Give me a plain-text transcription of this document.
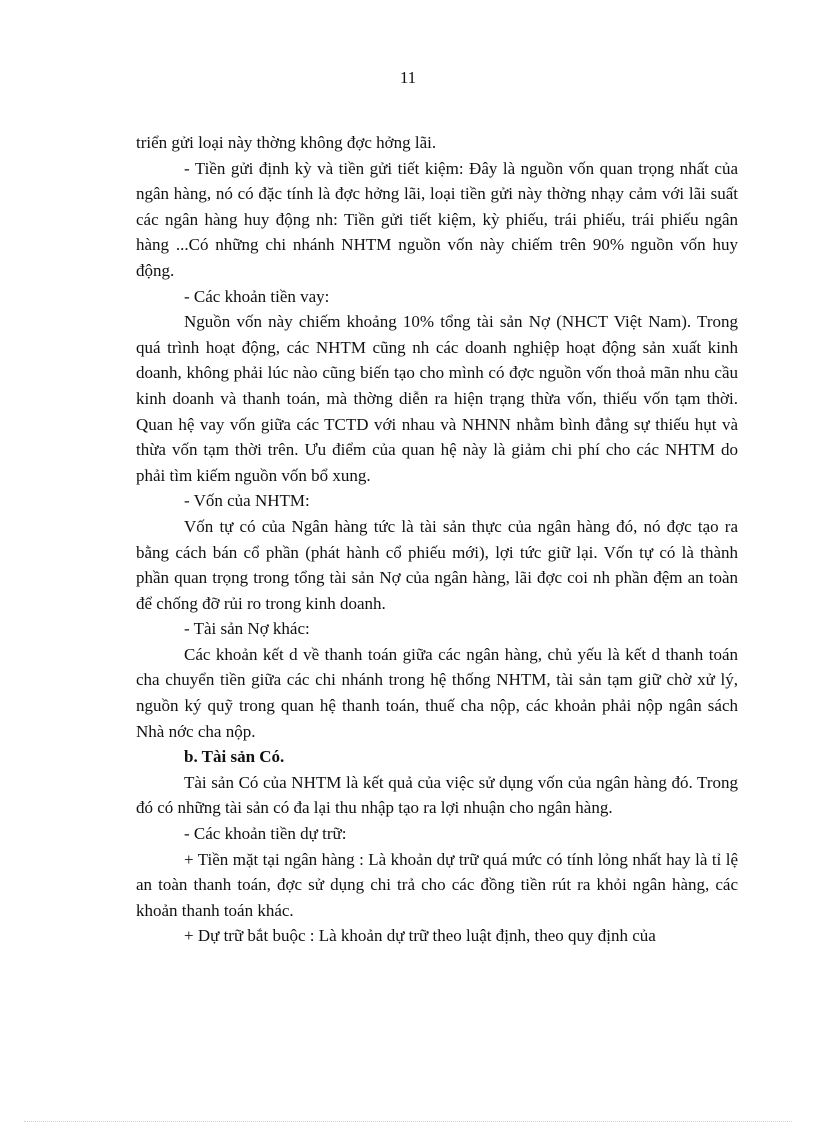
11

triển gửi loại này thờng không đợc hởng lãi.

- Tiền gửi định kỳ và tiền gửi tiết kiệm: Đây là nguồn vốn quan trọng nhất của ngân hàng, nó có đặc tính là đợc hởng lãi, loại tiền gửi này thờng nhạy cảm với lãi suất các ngân hàng huy động nh: Tiền gửi tiết kiệm, kỳ phiếu, trái phiếu, trái phiếu ngân hàng ...Có những chi nhánh NHTM nguồn vốn này chiếm trên 90% nguồn vốn huy động.

- Các khoản tiền vay:

Nguồn vốn này chiếm khoảng 10% tổng tài sản Nợ (NHCT Việt Nam). Trong quá trình hoạt động, các NHTM cũng nh các doanh nghiệp hoạt động sản xuất kinh doanh, không phải lúc nào cũng biến tạo cho mình có đợc nguồn vốn thoả mãn nhu cầu kinh doanh và thanh toán, mà thờng diễn ra hiện trạng thừa vốn, thiếu vốn tạm thời. Quan hệ vay vốn giữa các TCTD với nhau và NHNN nhằm bình đẳng sự thiếu hụt và thừa vốn tạm thời trên. Ưu điểm của quan hệ này là giảm chi phí cho các NHTM do phải tìm kiếm nguồn vốn bổ xung.

- Vốn của NHTM:

Vốn tự có của Ngân hàng tức là tài sản thực của ngân hàng đó, nó đợc tạo ra bằng cách bán cổ phần (phát hành cổ phiếu mới), lợi tức giữ lại. Vốn tự có là thành phần quan trọng trong tổng tài sản Nợ của ngân hàng, lãi đợc coi nh phần đệm an toàn để chống đỡ rủi ro trong kinh doanh.

- Tài sản Nợ khác:

Các khoản kết d về thanh toán giữa các ngân hàng, chủ yếu là kết d thanh toán cha chuyển tiền giữa các chi nhánh trong hệ thống NHTM, tài sản tạm giữ chờ xử lý, nguồn ký quỹ trong quan hệ thanh toán, thuế cha nộp, các khoản phải nộp ngân sách Nhà nớc cha nộp.

b. Tài sản Có.

Tài sản Có của NHTM là kết quả của việc sử dụng vốn của ngân hàng đó. Trong đó có những tài sản có đa lại thu nhập tạo ra lợi nhuận cho ngân hàng.

- Các khoản tiền dự trữ:

+ Tiền mặt tại ngân hàng : Là khoản dự trữ quá mức có tính lỏng nhất hay là tỉ lệ an toàn thanh toán, đợc sử dụng chi trả cho các đồng tiền rút ra khỏi ngân hàng, các khoản thanh toán khác.

+ Dự trữ bắt buộc : Là khoản dự trữ theo luật định, theo quy định của
